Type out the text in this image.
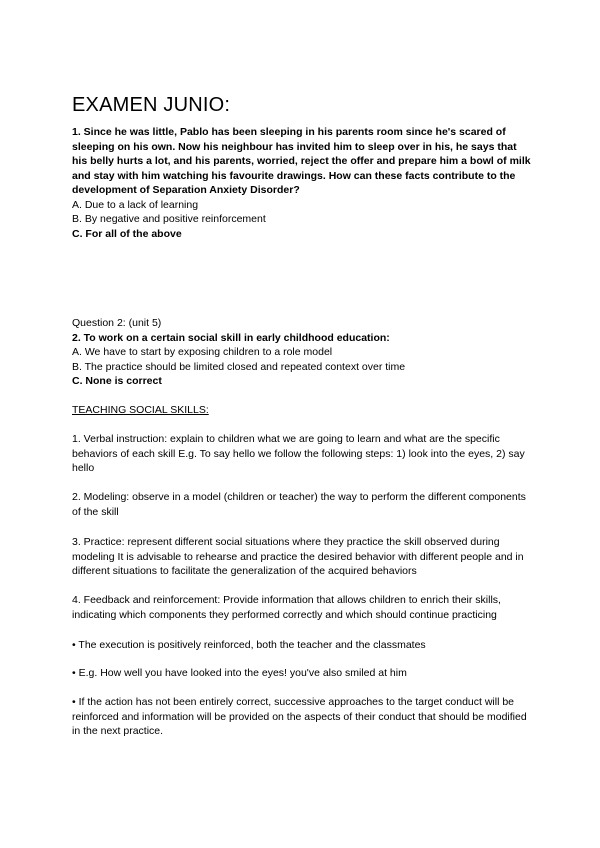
EXAMEN JUNIO:

1. Since he was little, Pablo has been sleeping in his parents room since he's scared of sleeping on his own. Now his neighbour has invited him to sleep over in his, he says that his belly hurts a lot, and his parents, worried, reject the offer and prepare him a bowl of milk and stay with him watching his favourite drawings. How can these facts contribute to the development of Separation Anxiety Disorder?

A. Due to a lack of learning

B. By negative and positive reinforcement

C. For all of the above

Question 2: (unit 5)

2. To work on a certain social skill in early childhood education:

A. We have to start by exposing children to a role model

B. The practice should be limited closed and repeated context over time

C. None is correct

TEACHING SOCIAL SKILLS:

1. Verbal instruction: explain to children what we are going to learn and what are the specific behaviors of each skill E.g. To say hello we follow the following steps: 1) look into the eyes, 2) say hello

2. Modeling: observe in a model (children or teacher) the way to perform the different components of the skill

3. Practice: represent different social situations where they practice the skill observed during modeling It is advisable to rehearse and practice the desired behavior with different people and in different situations to facilitate the generalization of the acquired behaviors

4. Feedback and reinforcement: Provide information that allows children to enrich their skills, indicating which components they performed correctly and which should continue practicing

• The execution is positively reinforced, both the teacher and the classmates

• E.g. How well you have looked into the eyes! you've also smiled at him

• If the action has not been entirely correct, successive approaches to the target conduct will be reinforced and information will be provided on the aspects of their conduct that should be modified in the next practice.
